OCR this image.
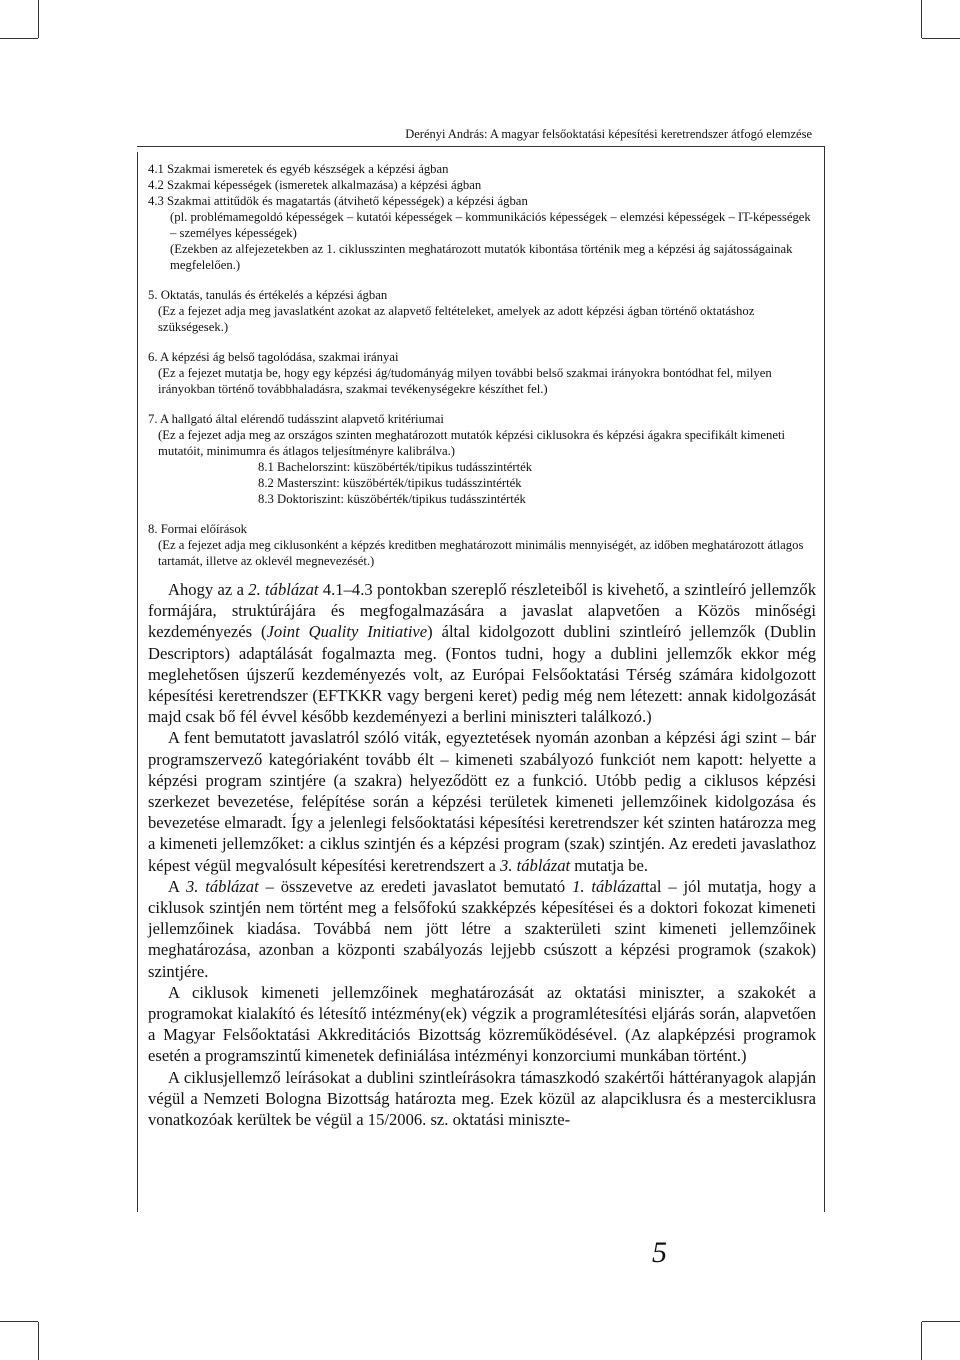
Derényi András: A magyar felsőoktatási képesítési keretrendszer átfogó elemzése

4.1 Szakmai ismeretek és egyéb készségek a képzési ágban

4.2 Szakmai képességek (ismeretek alkalmazása) a képzési ágban

4.3 Szakmai attitűdök és magatartás (átvihető képességek) a képzési ágban

(pl. problémamegoldó képességek – kutatói képességek – kommunikációs képességek – elemzési képességek – IT-képességek – személyes képességek)

(Ezekben az alfejezetekben az 1. ciklusszinten meghatározott mutatók kibontása történik meg a képzési ág sajátosságainak megfelelően.)

5. Oktatás, tanulás és értékelés a képzési ágban

(Ez a fejezet adja meg javaslatként azokat az alapvető feltételeket, amelyek az adott képzési ágban történő oktatáshoz szükségesek.)

6. A képzési ág belső tagolódása, szakmai irányai

(Ez a fejezet mutatja be, hogy egy képzési ág/tudományág milyen további belső szakmai irányokra bontódhat fel, milyen irányokban történő továbbhaladásra, szakmai tevékenységekre készíthet fel.)

7. A hallgató által elérendő tudásszint alapvető kritériumai

(Ez a fejezet adja meg az országos szinten meghatározott mutatók képzési ciklusokra és képzési ágakra specifikált kimeneti mutatóit, minimumra és átlagos teljesítményre kalibrálva.)

8.1 Bachelorszint: küszöbérték/tipikus tudásszintérték

8.2 Masterszint: küszöbérték/tipikus tudásszintérték

8.3 Doktoriszint: küszöbérték/tipikus tudásszintérték

8. Formai előírások

(Ez a fejezet adja meg ciklusonként a képzés kreditben meghatározott minimális mennyiségét, az időben meghatározott átlagos tartamát, illetve az oklevél megnevezését.)

Ahogy az a 2. táblázat 4.1–4.3 pontokban szereplő részleteiből is kivehető, a szintleíró jellemzők formájára, struktúrájára és megfogalmazására a javaslat alapvetően a Közös minőségi kezdeményezés (Joint Quality Initiative) által kidolgozott dublini szintleíró jellemzők (Dublin Descriptors) adaptálását fogalmazta meg. (Fontos tudni, hogy a dublini jellemzők ekkor még meglehetősen újszerű kezdeményezés volt, az Európai Felsőoktatási Térség számára kidolgozott képesítési keretrendszer (EFTKKR vagy bergeni keret) pedig még nem létezett: annak kidolgozását majd csak bő fél évvel később kezdeményezi a berlini miniszteri találkozó.)

A fent bemutatott javaslatról szóló viták, egyeztetések nyomán azonban a képzési ági szint – bár programszervező kategóriaként tovább élt – kimeneti szabályozó funkciót nem kapott: helyette a képzési program szintjére (a szakra) helyeződött ez a funkció. Utóbb pedig a ciklusos képzési szerkezet bevezetése, felépítése során a képzési területek kimeneti jellemzőinek kidolgozása és bevezetése elmaradt. Így a jelenlegi felsőoktatási képesítési keretrendszer két szinten határozza meg a kimeneti jellemzőket: a ciklus szintjén és a képzési program (szak) szintjén. Az eredeti javaslathoz képest végül megvalósult képesítési keretrendszert a 3. táblázat mutatja be.

A 3. táblázat – összevetve az eredeti javaslatot bemutató 1. táblázattal – jól mutatja, hogy a ciklusok szintjén nem történt meg a felsőfokú szakképzés képesítései és a doktori fokozat kimeneti jellemzőinek kiadása. Továbbá nem jött létre a szakterületi szint kimeneti jellemzőinek meghatározása, azonban a központi szabályozás lejjebb csúszott a képzési programok (szakok) szintjére.

A ciklusok kimeneti jellemzőinek meghatározását az oktatási miniszter, a szakokét a programokat kialakító és létesítő intézmény(ek) végzik a programlétesítési eljárás során, alapvetően a Magyar Felsőoktatási Akkreditációs Bizottság közreműködésével. (Az alapképzési programok esetén a programszintű kimenetek definiálása intézményi konzorciumi munkában történt.)

A ciklusjellemző leírásokat a dublini szintleírásokra támaszkodó szakértői háttéranyagok alapján végül a Nemzeti Bologna Bizottság határozta meg. Ezek közül az alapciklusra és a mesterciklusra vonatkozóak kerültek be végül a 15/2006. sz. oktatási miniszte-

5
